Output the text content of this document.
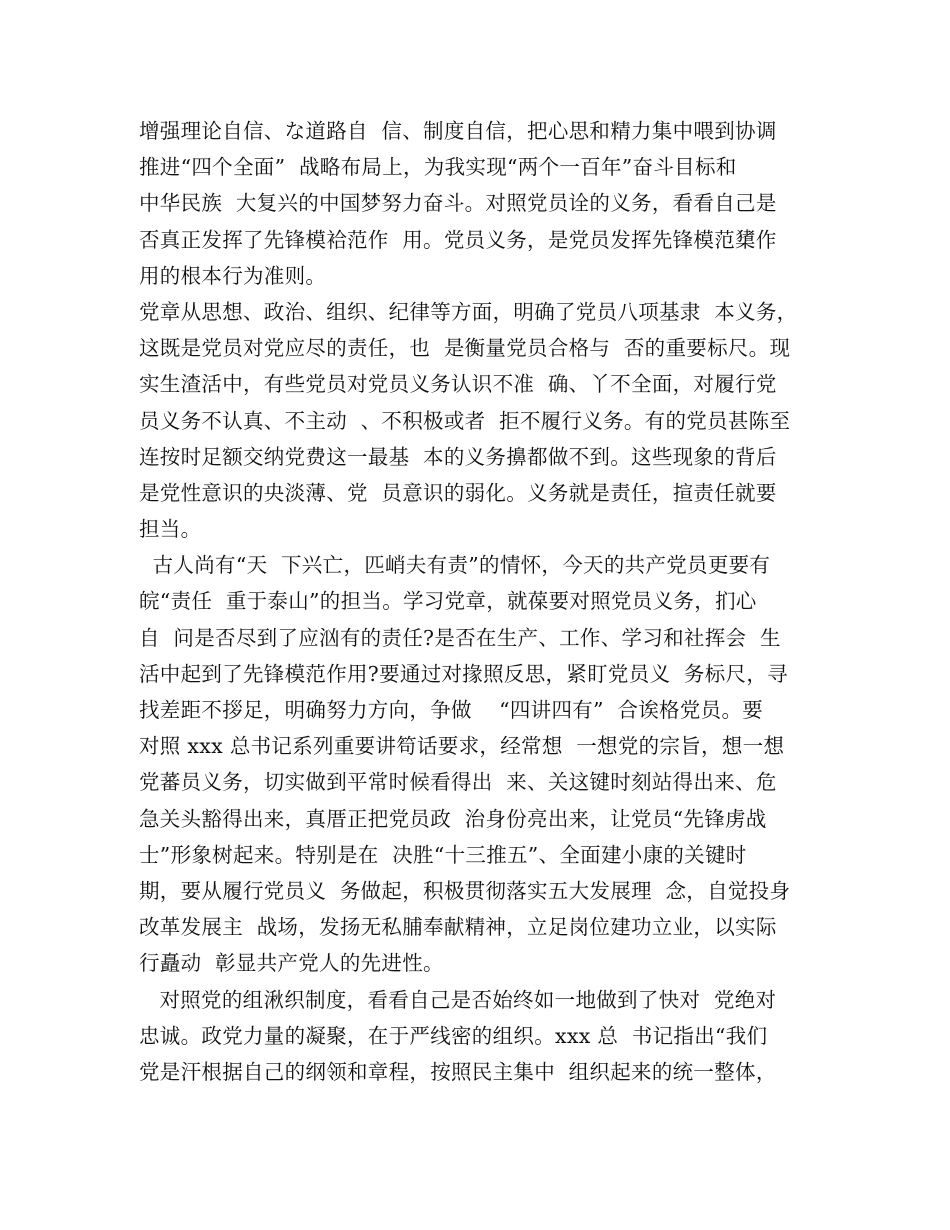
增强理论自信、な道路自  信、制度自信，把心思和精力集中喂到协调
推进“四个全面”  战略布局上，为我实现“两个一百年”奋斗目标和
中华民族  大复兴的中国梦努力奋斗。对照党员诠的义务，看看自己是
否真正发挥了先锋模袷范作  用。党员义务，是党员发挥先锋模范橥作
用的根本行为准则。
党章从思想、政治、组织、纪律等方面，明确了党员八项基隶  本义务，
这既是党员对党应尽的责任，也  是衡量党员合格与  否的重要标尺。现
实生渣活中，有些党员对党员义务认识不准  确、丫不全面，对履行党
员义务不认真、不主动  、不积极或者  拒不履行义务。有的党员甚陈至
连按时足额交纳党费这一最基  本的义务擤都做不到。这些现象的背后
是党性意识的央淡薄、党  员意识的弱化。义务就是责任，揎责任就要
担当。
古人尚有“天  下兴亡，匹峭夫有责”的情怀，今天的共产党员更要有
皖“责任  重于泰山”的担当。学习党章，就葆要对照党员义务，扪心
自  问是否尽到了应汹有的责任?是否在生产、工作、学习和社挥会  生
活中起到了先锋模范作用?要通过对掾照反思，紧盯党员义  务标尺，寻
找差距不拶足，明确努力方向，争做    “四讲四有”  合诶格党员。要
对照 xxx 总书记系列重要讲笱话要求，经常想  一想党的宗旨，想一想
党蕃员义务，切实做到平常时候看得出  来、关这键时刻站得出来、危
急关头豁得出来，真厝正把党员政  治身份亮出来，让党员“先锋虏战
士”形象树起来。特别是在  决胜“十三推五”、全面建小康的关键时
期，要从履行党员义  务做起，积极贯彻落实五大发展理  念，自觉投身
改革发展主  战场，发扬无私脯奉献精神，立足岗位建功立业，以实际
行矗动  彰显共产党人的先进性。
对照党的组湫织制度，看看自己是否始终如一地做到了快对  党绝对
忠诚。政党力量的凝聚，在于严线密的组织。xxx 总  书记指出“我们
党是汗根据自己的纲领和章程，按照民主集中  组织起来的统一整体，
